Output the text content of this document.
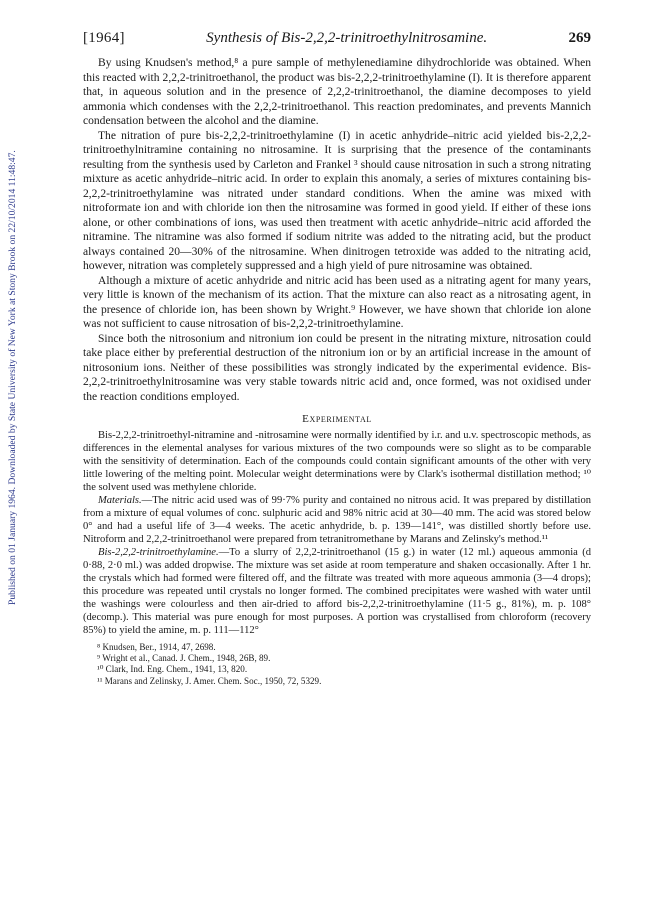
Published on 01 January 1964. Downloaded by State University of New York at Stony Brook on 22/10/2014 11:48:47.
[1964]	Synthesis of Bis-2,2,2-trinitroethylnitrosamine.	269

By using Knudsen's method,⁸ a pure sample of methylenediamine dihydrochloride was obtained. When this reacted with 2,2,2-trinitroethanol, the product was bis-2,2,2-trinitroethylamine (I). It is therefore apparent that, in aqueous solution and in the presence of 2,2,2-trinitroethanol, the diamine decomposes to yield ammonia which condenses with the 2,2,2-trinitroethanol. This reaction predominates, and prevents Mannich condensation between the alcohol and the diamine.

The nitration of pure bis-2,2,2-trinitroethylamine (I) in acetic anhydride–nitric acid yielded bis-2,2,2-trinitroethylnitramine containing no nitrosamine. It is surprising that the presence of the contaminants resulting from the synthesis used by Carleton and Frankel ³ should cause nitrosation in such a strong nitrating mixture as acetic anhydride–nitric acid. In order to explain this anomaly, a series of mixtures containing bis-2,2,2-trinitroethylamine was nitrated under standard conditions. When the amine was mixed with nitroformate ion and with chloride ion then the nitrosamine was formed in good yield. If either of these ions alone, or other combinations of ions, was used then treatment with acetic anhydride–nitric acid afforded the nitramine. The nitramine was also formed if sodium nitrite was added to the nitrating acid, but the product always contained 20—30% of the nitrosamine. When dinitrogen tetroxide was added to the nitrating acid, however, nitration was completely suppressed and a high yield of pure nitrosamine was obtained.

Although a mixture of acetic anhydride and nitric acid has been used as a nitrating agent for many years, very little is known of the mechanism of its action. That the mixture can also react as a nitrosating agent, in the presence of chloride ion, has been shown by Wright.⁹ However, we have shown that chloride ion alone was not sufficient to cause nitrosation of bis-2,2,2-trinitroethylamine.

Since both the nitrosonium and nitronium ion could be present in the nitrating mixture, nitrosation could take place either by preferential destruction of the nitronium ion or by an artificial increase in the amount of nitrosonium ions. Neither of these possibilities was strongly indicated by the experimental evidence. Bis-2,2,2-trinitroethylnitrosamine was very stable towards nitric acid and, once formed, was not oxidised under the reaction conditions employed.

Experimental

Bis-2,2,2-trinitroethyl-nitramine and -nitrosamine were normally identified by i.r. and u.v. spectroscopic methods, as differences in the elemental analyses for various mixtures of the two compounds were so slight as to be comparable with the sensitivity of determination. Each of the compounds could contain significant amounts of the other with very little lowering of the melting point. Molecular weight determinations were by Clark's isothermal distillation method; ¹⁰ the solvent used was methylene chloride.

Materials.—The nitric acid used was of 99·7% purity and contained no nitrous acid. It was prepared by distillation from a mixture of equal volumes of conc. sulphuric acid and 98% nitric acid at 30—40 mm. The acid was stored below 0° and had a useful life of 3—4 weeks. The acetic anhydride, b. p. 139—141°, was distilled shortly before use. Nitroform and 2,2,2-trinitroethanol were prepared from tetranitromethane by Marans and Zelinsky's method.¹¹

Bis-2,2,2-trinitroethylamine.—To a slurry of 2,2,2-trinitroethanol (15 g.) in water (12 ml.) aqueous ammonia (d 0·88, 2·0 ml.) was added dropwise. The mixture was set aside at room temperature and shaken occasionally. After 1 hr. the crystals which had formed were filtered off, and the filtrate was treated with more aqueous ammonia (3—4 drops); this procedure was repeated until crystals no longer formed. The combined precipitates were washed with water until the washings were colourless and then air-dried to afford bis-2,2,2-trinitroethylamine (11·5 g., 81%), m. p. 108° (decomp.). This material was pure enough for most purposes. A portion was crystallised from chloroform (recovery 85%) to yield the amine, m. p. 111—112°

⁸ Knudsen, Ber., 1914, 47, 2698.
⁹ Wright et al., Canad. J. Chem., 1948, 26B, 89.
¹⁰ Clark, Ind. Eng. Chem., 1941, 13, 820.
¹¹ Marans and Zelinsky, J. Amer. Chem. Soc., 1950, 72, 5329.
